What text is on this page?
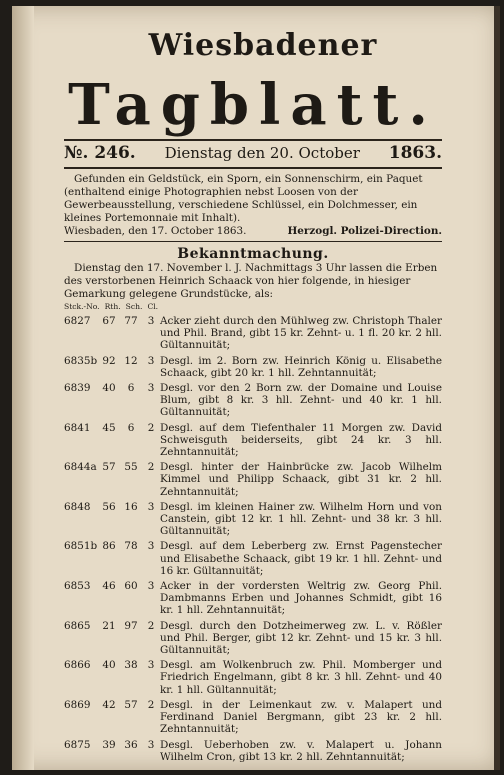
Wiesbadener
Tagblatt.
№. 246. Dienstag den 20. October 1863.
Gefunden ein Geldstück, ein Sporn, ein Sonnenschirm, ein Paquet (enthaltend einige Photographien nebst Loosen von der Gewerbeausstellung, verschiedene Schlüssel, ein Dolchmesser, ein kleines Portemonnaie mit Inhalt).
Wiesbaden, den 17. October 1863.	Herzogl. Polizei-Direction.
Bekanntmachung.
Dienstag den 17. November l. J. Nachmittags 3 Uhr lassen die Erben des verstorbenen Heinrich Schaack von hier folgende, in hiesiger Gemarkung gelegene Grundstücke, als:
Stck.-No. Rth. Sch. Cl.
6827	67 77 3 Acker zieht durch den Mühlweg zw. Christoph Thaler und Phil. Brand, gibt 15 kr. Zehnt- u. 1 fl. 20 kr. 2 hll. Gültannuität;
6835b 92 12 3 Desgl. im 2. Born zw. Heinrich König u. Elisabethe Schaack, gibt 20 kr. 1 hll. Zehntannuität;
6839	40	6	3 Desgl. vor den 2 Born zw. der Domaine und Louise Blum, gibt 8 kr. 3 hll. Zehnt- und 40 kr. 1 hll. Gültannuität;
6841	45	6	2 Desgl. auf dem Tiefenthaler 11 Morgen zw. David Schweisguth beiderseits, gibt 24 kr. 3 hll. Zehntannuität;
6844a 57 55 2 Desgl. hinter der Hainbrücke zw. Jacob Wilhelm Kimmel und Philipp Schaack, gibt 31 kr. 2 hll. Zehntannuität;
6848	56 16 3 Desgl. im kleinen Hainer zw. Wilhelm Horn und von Canstein, gibt 12 kr. 1 hll. Zehnt- und 38 kr. 3 hll. Gültannuität;
6851b 86 78 3 Desgl. auf dem Leberberg zw. Ernst Pagenstecher und Elisabethe Schaack, gibt 19 kr. 1 hll. Zehnt- und 16 kr. Gültannuität;
6853	46 60 3 Acker in der vordersten Weltrig zw. Georg Phil. Dambmanns Erben und Johannes Schmidt, gibt 16 kr. 1 hll. Zehntannuität;
6865	21 97 2 Desgl. durch den Dotzheimerweg zw. L. v. Rößler und Phil. Berger, gibt 12 kr. Zehnt- und 15 kr. 3 hll. Gültannuität;
6866	40 38 3 Desgl. am Wolkenbruch zw. Phil. Momberger und Friedrich Engelmann, gibt 8 kr. 3 hll. Zehnt- und 40 kr. 1 hll. Gültannuität;
6869	42 57 2 Desgl. in der Leimenkaut zw. v. Malapert und Ferdinand Daniel Bergmann, gibt 23 kr. 2 hll. Zehntannuität;
6875	39 36 3 Desgl. Ueberhoben zw. v. Malapert u. Johann Wilhelm Cron, gibt 13 kr. 2 hll. Zehntannuität;
